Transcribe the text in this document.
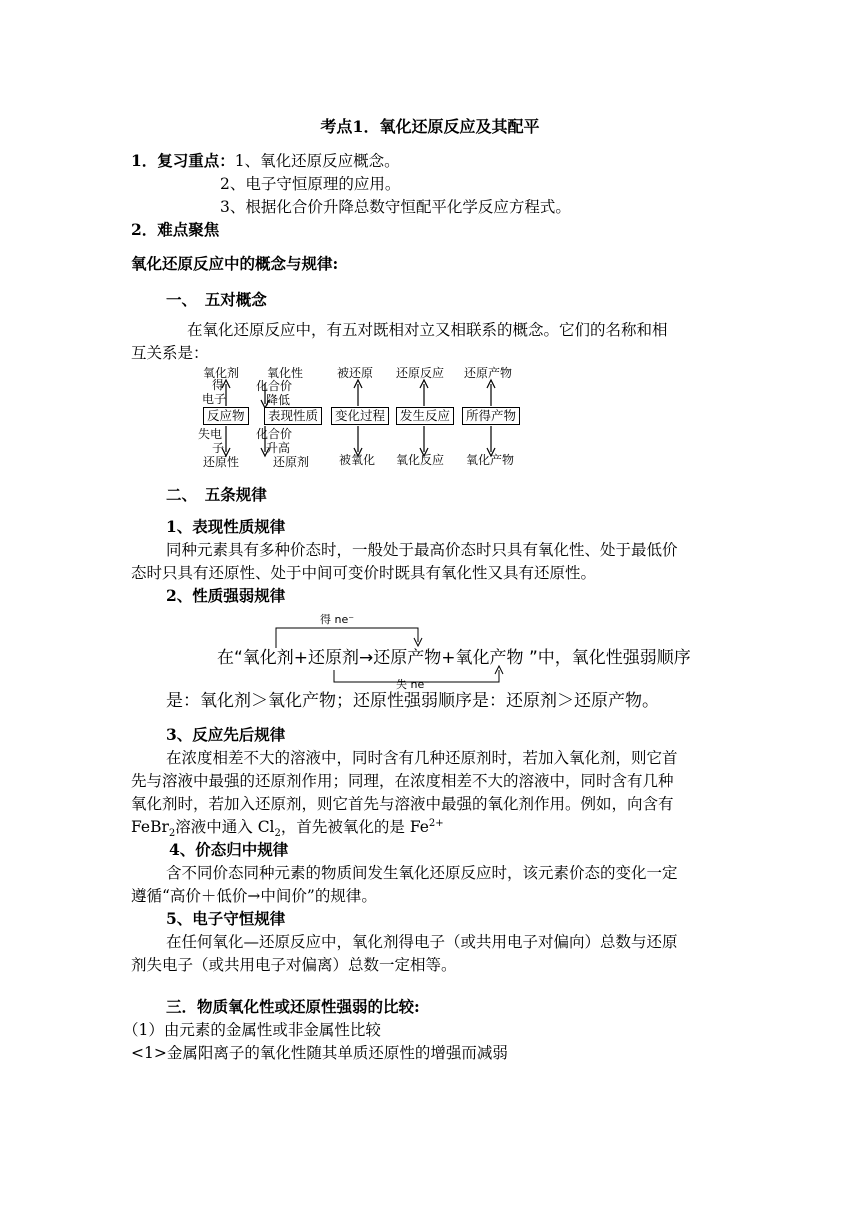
考点1．氧化还原反应及其配平
1．复习重点：1、氧化还原反应概念。
2、电子守恒原理的应用。
3、根据化合价升降总数守恒配平化学反应方程式。
2．难点聚焦
氧化还原反应中的概念与规律:
一、　五对概念
在氧化还原反应中，有五对既相对立又相联系的概念。它们的名称和相
互关系是：
氧化剂 氧化性	被还原 还原反应 还原产物
得
电子
化合价
降低
反应物	表现性质	变化过程	发生反应	所得产物
失电
子
化合价
升高
还原性	还原剂 被氧化 氧化反应 氧化产物
二、　五条规律
1、表现性质规律
同种元素具有多种价态时，一般处于最高价态时只具有氧化性、处于最低价
态时只具有还原性、处于中间可变价时既具有氧化性又具有还原性。
2、性质强弱规律
得 ne⁻
在“氧化剂+还原剂→还原产物+氧化产物 ”中，氧化性强弱顺序
失 ne⁻
是：氧化剂＞氧化产物；还原性强弱顺序是：还原剂＞还原产物。
3、反应先后规律
在浓度相差不大的溶液中，同时含有几种还原剂时，若加入氧化剂，则它首
先与溶液中最强的还原剂作用；同理，在浓度相差不大的溶液中，同时含有几种
氧化剂时，若加入还原剂，则它首先与溶液中最强的氧化剂作用。例如，向含有
FeBr$_2$溶液中通入 $Cl_2$，首先被氧化的是 $Fe^{2+}$
4、价态归中规律
含不同价态同种元素的物质间发生氧化还原反应时，该元素价态的变化一定
遵循“高价＋低价→中间价”的规律。
5、电子守恒规律
在任何氧化—还原反应中，氧化剂得电子（或共用电子对偏向）总数与还原
剂失电子（或共用电子对偏离）总数一定相等。
三．物质氧化性或还原性强弱的比较:
（1）由元素的金属性或非金属性比较
<1>金属阳离子的氧化性随其单质还原性的增强而减弱
